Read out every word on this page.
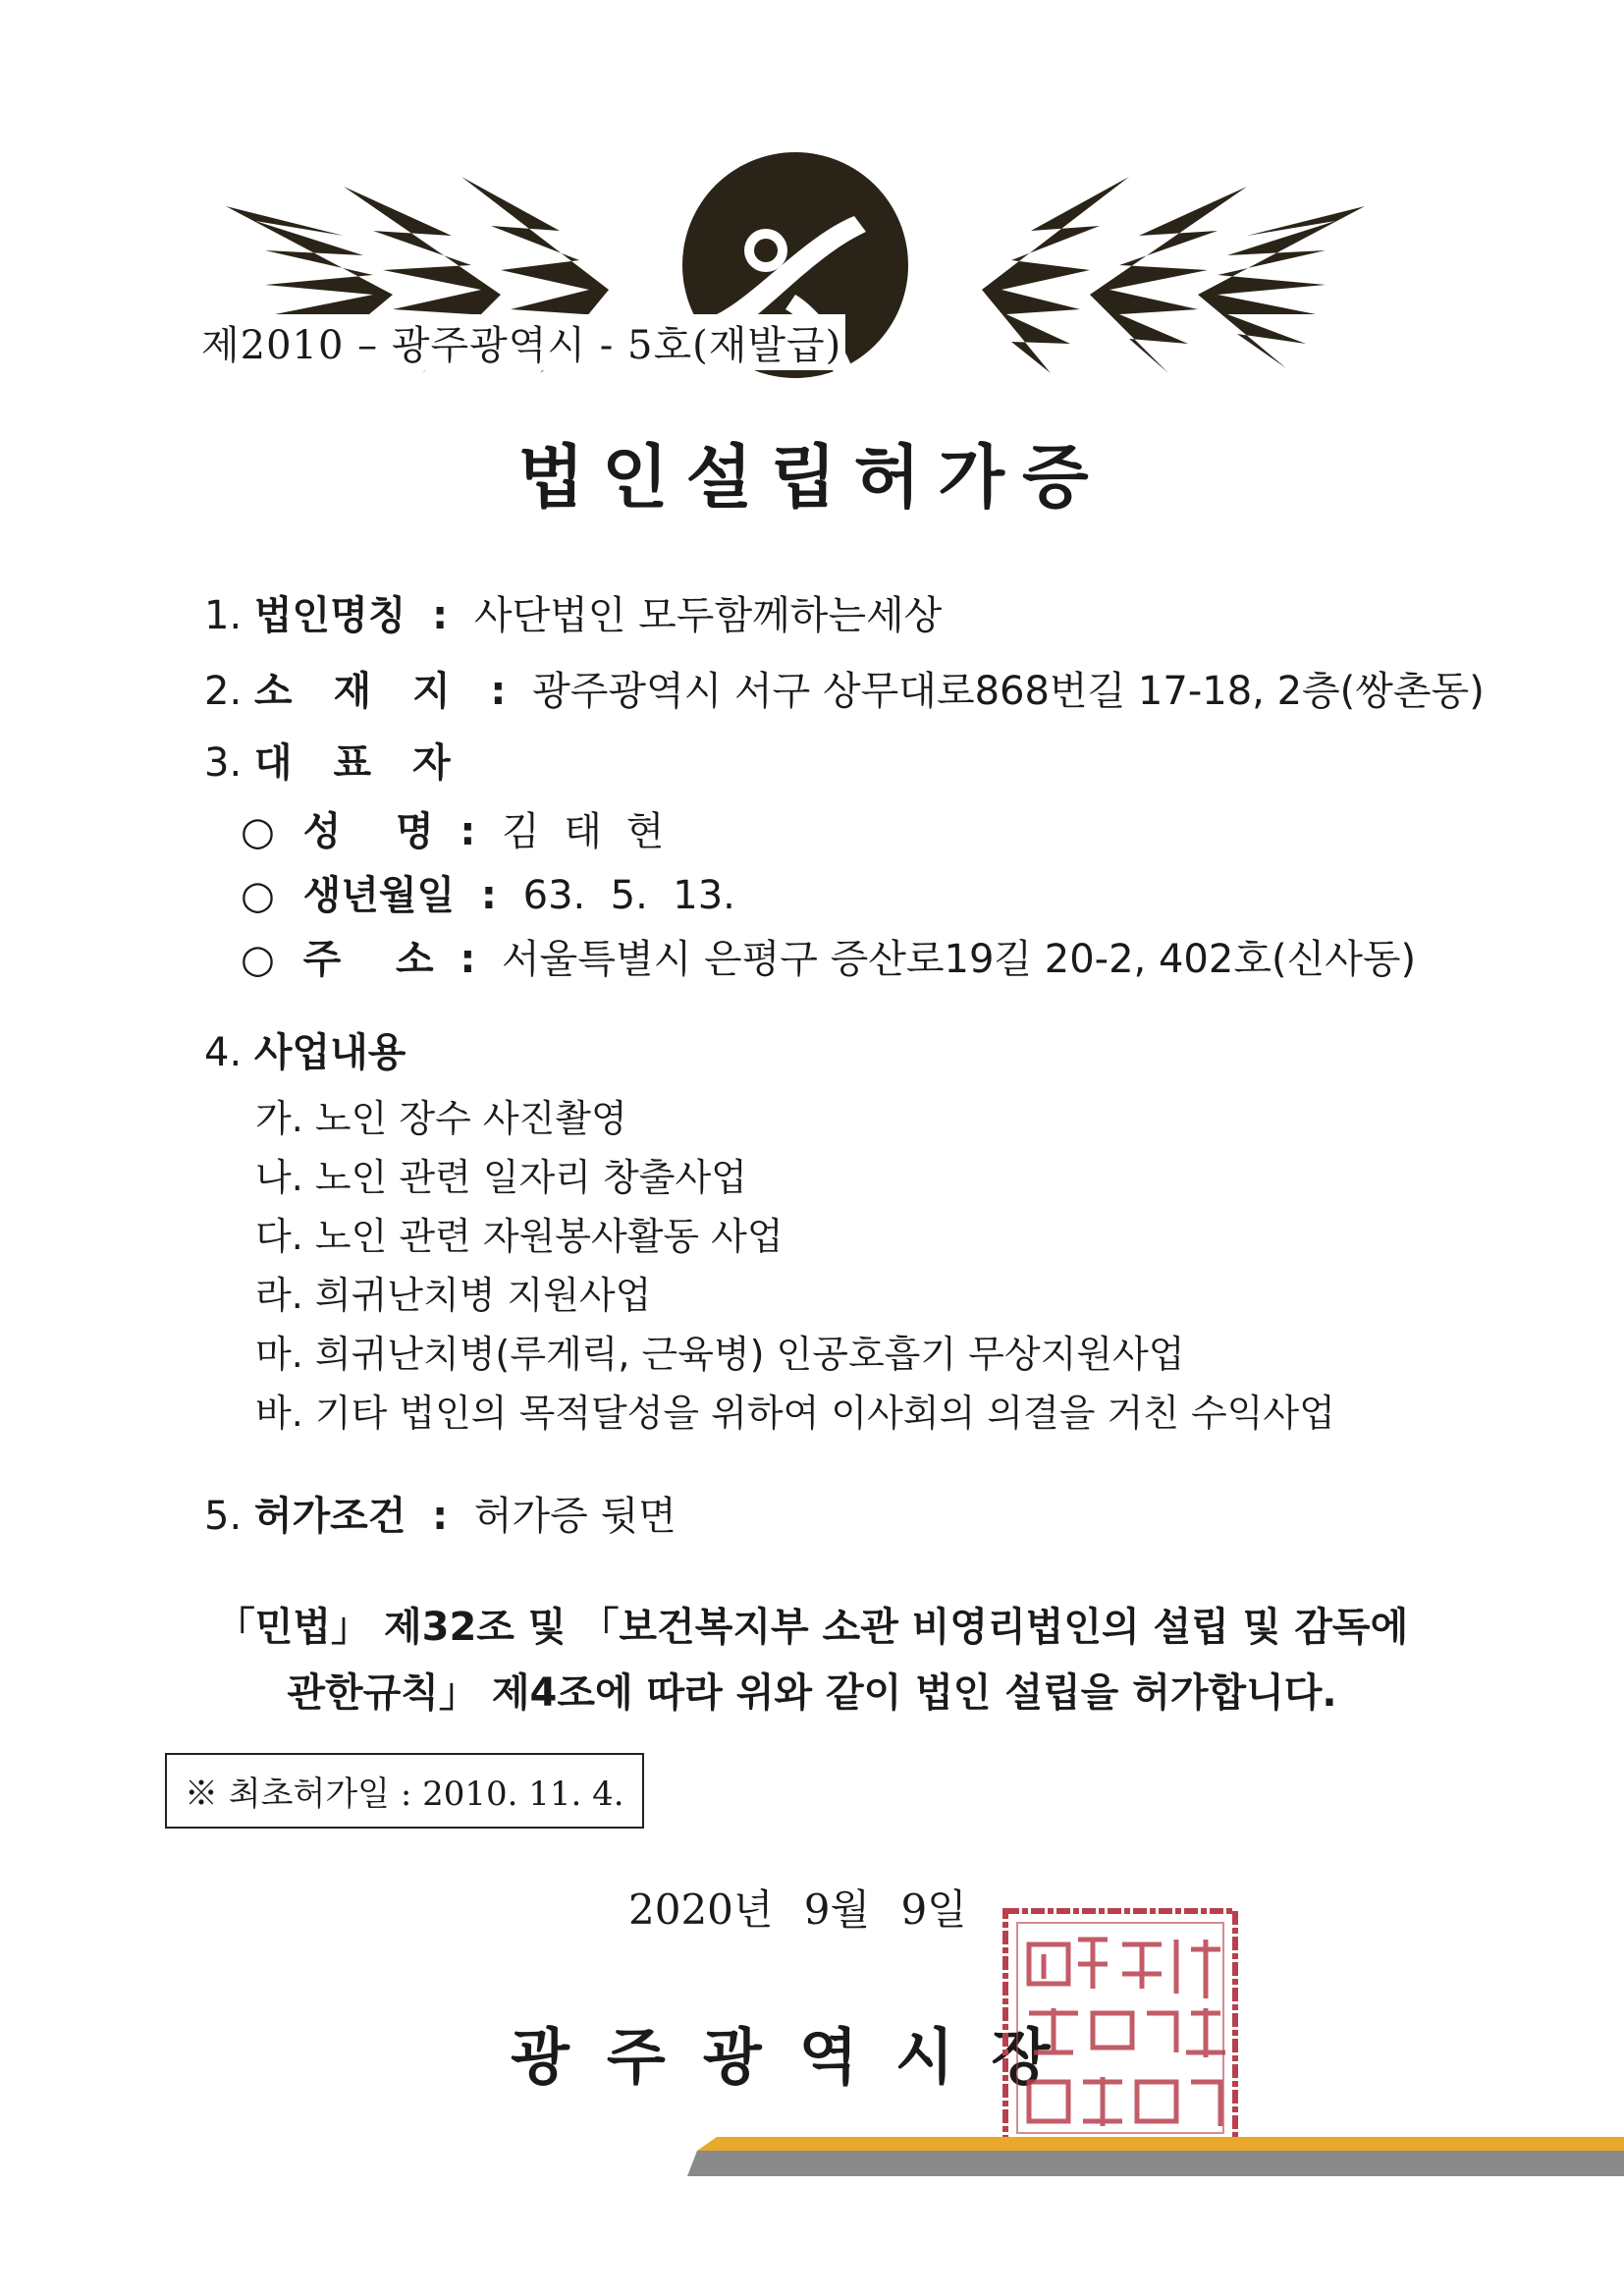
제2010 – 광주광역시 - 5호(재발급)
법인설립허가증
1. 법인명칭 : 사단법인 모두함께하는세상
2. 소 재 지 : 광주광역시 서구 상무대로868번길 17-18, 2층(쌍촌동)
3. 대 표 자
○ 성    명 : 김 태 현
○ 생년월일 : 63.  5.  13.
○ 주    소 : 서울특별시 은평구 증산로19길 20-2, 402호(신사동)
4. 사업내용
가. 노인 장수 사진촬영
나. 노인 관련 일자리 창출사업
다. 노인 관련 자원봉사활동 사업
라. 희귀난치병 지원사업
마. 희귀난치병(루게릭, 근육병) 인공호흡기 무상지원사업
바. 기타 법인의 목적달성을 위하여 이사회의 의결을 거친 수익사업
5. 허가조건 : 허가증 뒷면
「민법」 제32조 및 「보건복지부 소관 비영리법인의 설립 및 감독에
관한규칙」 제4조에 따라 위와 같이 법인 설립을 허가합니다.
※ 최초허가일 : 2010. 11. 4.
2020년 9월 9일
광주광역시장
